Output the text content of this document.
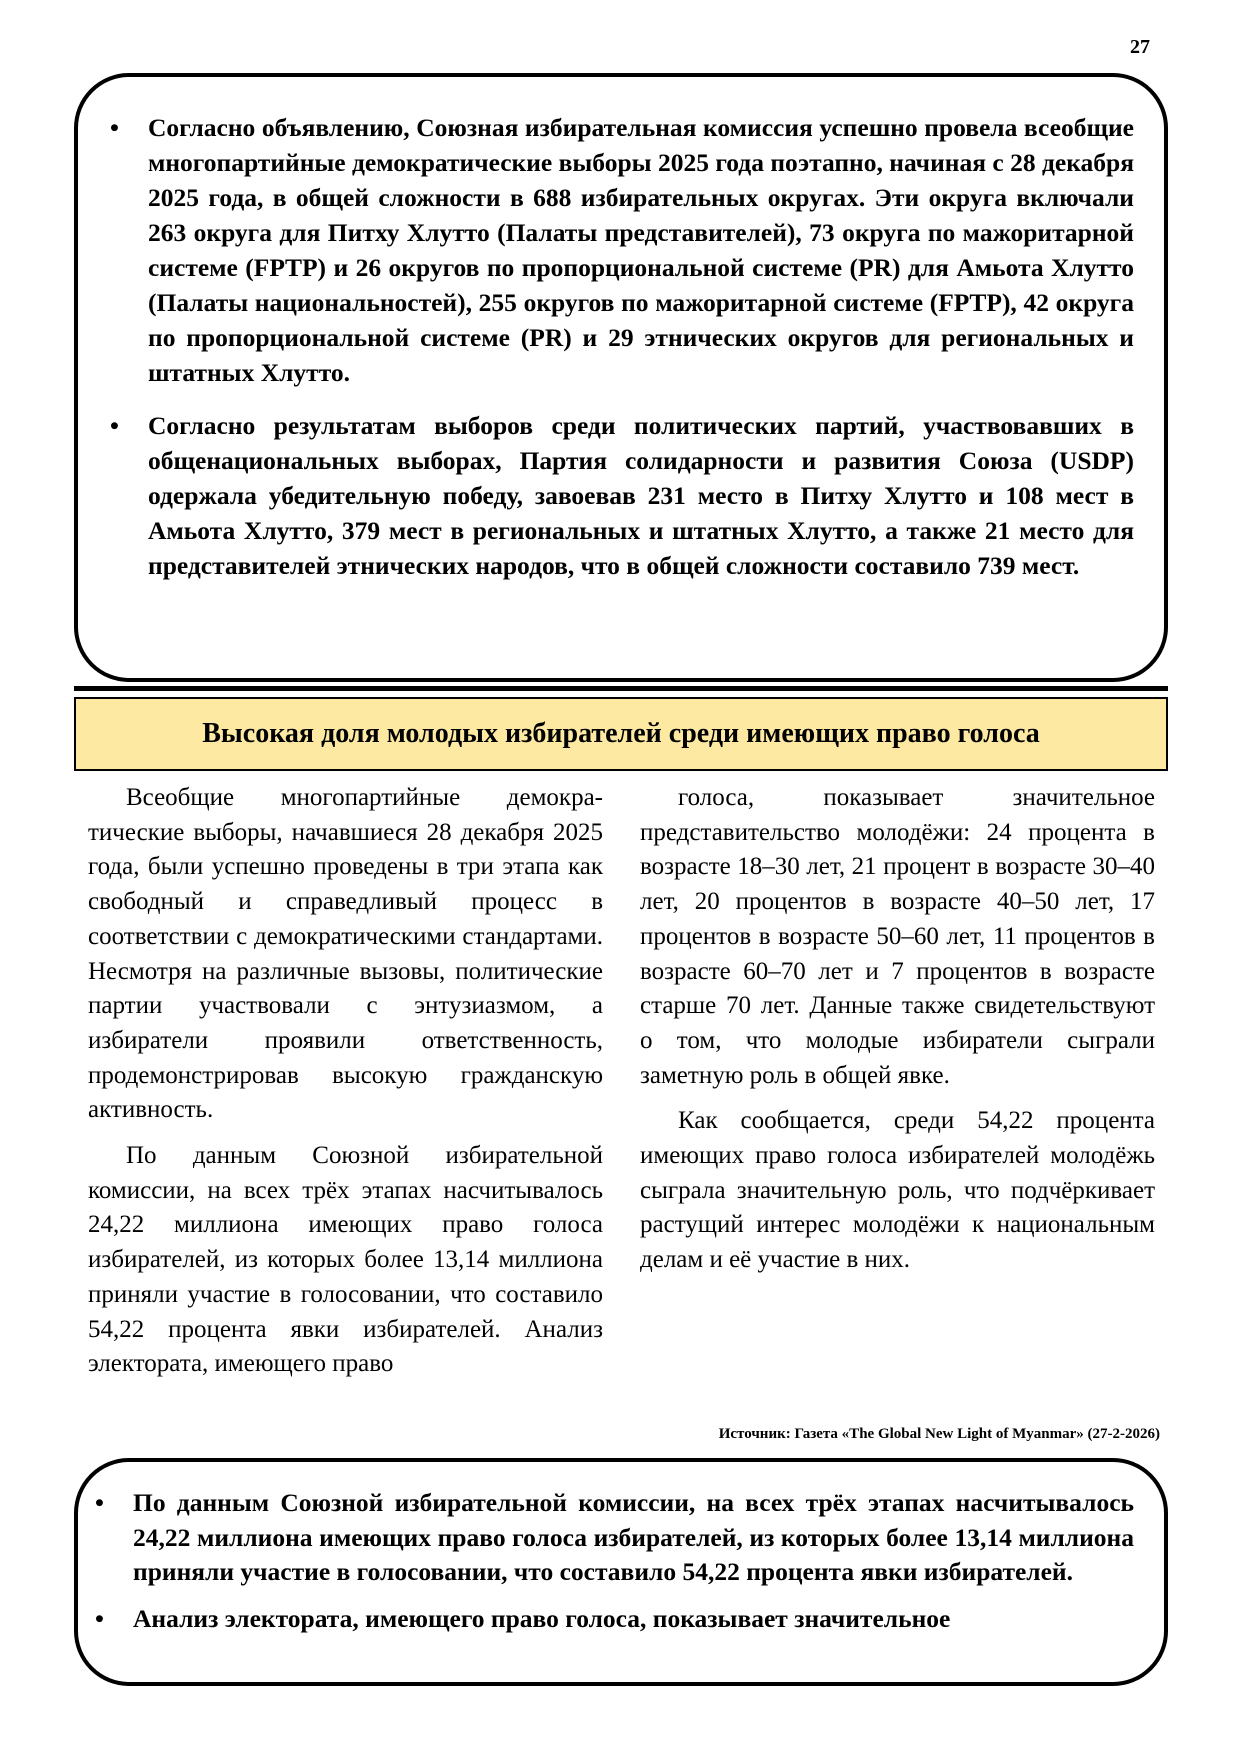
27
• Согласно объявлению, Союзная избирательная комиссия успешно провела всеобщие многопартийные демократические выборы 2025 года поэтапно, начиная с 28 декабря 2025 года, в общей сложности в 688 избирательных округах. Эти округа включали 263 округа для Питху Хлутто (Палаты представителей), 73 округа по мажоритарной системе (FPTP) и 26 округов по пропорциональной системе (PR) для Амьота Хлутто (Палаты национальностей), 255 округов по мажоритарной системе (FPTP), 42 округа по пропорциональной системе (PR) и 29 этнических округов для региональных и штатных Хлутто.
• Согласно результатам выборов среди политических партий, участвовавших в общенациональных выборах, Партия солидарности и развития Союза (USDP) одержала убедительную победу, завоевав 231 место в Питху Хлутто и 108 мест в Амьота Хлутто, 379 мест в региональных и штатных Хлутто, а также 21 место для представителей этнических народов, что в общей сложности составило 739 мест.
Высокая доля молодых избирателей среди имеющих право голоса

Всеобщие многопартийные демократические выборы, начавшиеся 28 декабря 2025 года, были успешно проведены в три этапа как свободный и справедливый процесс в соответствии с демократическими стандартами. Несмотря на различные вызовы, политические партии участвовали с энтузиазмом, а избиратели проявили ответственность, продемонстрировав высокую гражданскую активность.

По данным Союзной избирательной комиссии, на всех трёх этапах насчитывалось 24,22 миллиона имеющих право голоса избирателей, из которых более 13,14 миллиона приняли участие в голосовании, что составило 54,22 процента явки избирателей. Анализ электората, имеющего право

голоса, показывает значительное представительство молодёжи: 24 процента в возрасте 18–30 лет, 21 процент в возрасте 30–40 лет, 20 процентов в возрасте 40–50 лет, 17 процентов в возрасте 50–60 лет, 11 процентов в возрасте 60–70 лет и 7 процентов в возрасте старше 70 лет. Данные также свидетельствуют о том, что молодые избиратели сыграли заметную роль в общей явке.

Как сообщается, среди 54,22 процента имеющих право голоса избирателей молодёжь сыграла значительную роль, что подчёркивает растущий интерес молодёжи к национальным делам и её участие в них.

Источник: Газета «The Global New Light of Myanmar» (27-2-2026)
• По данным Союзной избирательной комиссии, на всех трёх этапах насчитывалось 24,22 миллиона имеющих право голоса избирателей, из которых более 13,14 миллиона приняли участие в голосовании, что составило 54,22 процента явки избирателей.
• Анализ электората, имеющего право голоса, показывает значительное
